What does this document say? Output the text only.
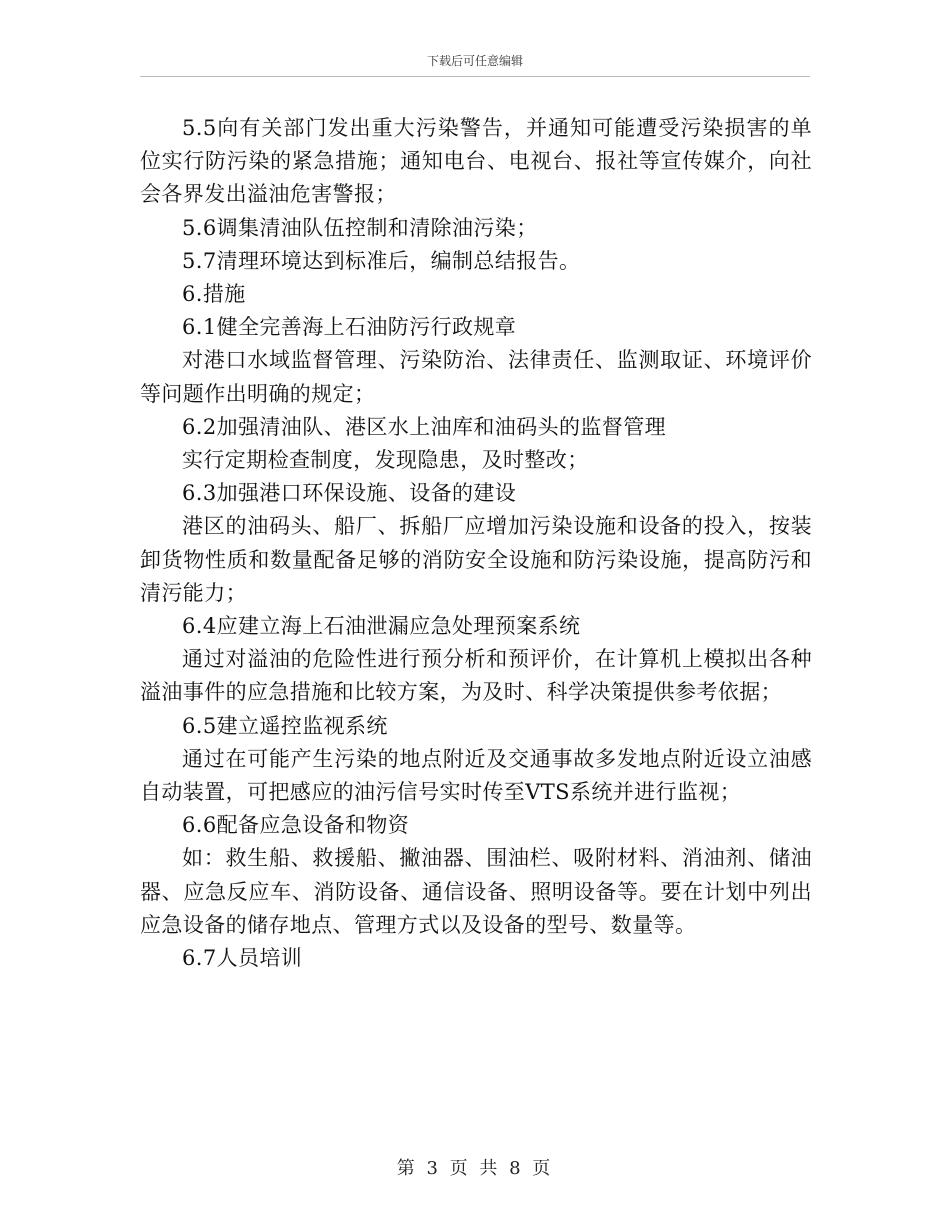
下载后可任意编辑

5.5向有关部门发出重大污染警告，并通知可能遭受污染损害的单位实行防污染的紧急措施；通知电台、电视台、报社等宣传媒介，向社会各界发出溢油危害警报；

5.6调集清油队伍控制和清除油污染；

5.7清理环境达到标准后，编制总结报告。

6.措施

6.1健全完善海上石油防污行政规章

对港口水域监督管理、污染防治、法律责任、监测取证、环境评价等问题作出明确的规定；

6.2加强清油队、港区水上油库和油码头的监督管理

实行定期检查制度，发现隐患，及时整改；

6.3加强港口环保设施、设备的建设

港区的油码头、船厂、拆船厂应增加污染设施和设备的投入，按装卸货物性质和数量配备足够的消防安全设施和防污染设施，提高防污和清污能力；

6.4应建立海上石油泄漏应急处理预案系统

通过对溢油的危险性进行预分析和预评价，在计算机上模拟出各种溢油事件的应急措施和比较方案，为及时、科学决策提供参考依据；

6.5建立遥控监视系统

通过在可能产生污染的地点附近及交通事故多发地点附近设立油感自动装置，可把感应的油污信号实时传至VTS系统并进行监视；

6.6配备应急设备和物资

如：救生船、救援船、撇油器、围油栏、吸附材料、消油剂、储油器、应急反应车、消防设备、通信设备、照明设备等。要在计划中列出应急设备的储存地点、管理方式以及设备的型号、数量等。

6.7人员培训

第 3 页 共 8 页
